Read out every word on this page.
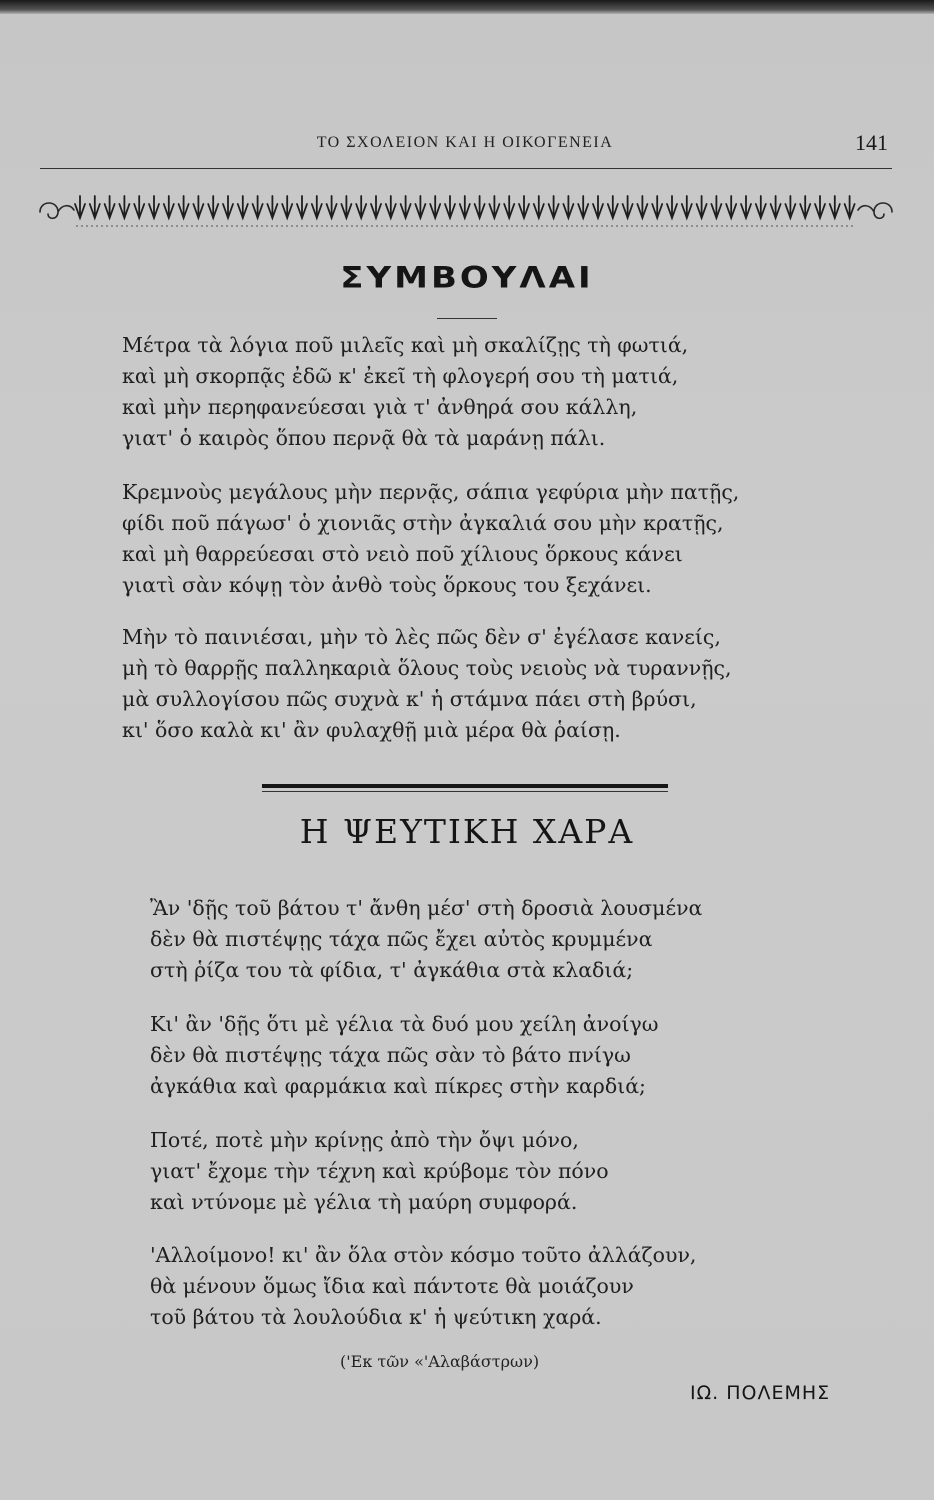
ΤΟ ΣΧΟΛΕΙΟΝ ΚΑΙ Η ΟΙΚΟΓΕΝΕΙΑ	141
ΣΥΜΒΟΥΛΑΙ
Μέτρα τὰ λόγια ποῦ μιλεῖς καὶ μὴ σκαλίζῃς τὴ φωτιά,
καὶ μὴ σκορπᾷς ἐδῶ κ' ἐκεῖ τὴ φλογερή σου τὴ ματιά,
καὶ μὴν περηφανεύεσαι γιὰ τ' ἀνθηρά σου κάλλη,
γιατ' ὁ καιρὸς ὅπου περνᾷ θὰ τὰ μαράνῃ πάλι.
Κρεμνοὺς μεγάλους μὴν περνᾷς, σάπια γεφύρια μὴν πατῇς,
φίδι ποῦ πάγωσ' ὁ χιονιᾶς στὴν ἀγκαλιά σου μὴν κρατῇς,
καὶ μὴ θαρρεύεσαι στὸ νειὸ ποῦ χίλιους ὅρκους κάνει
γιατὶ σὰν κόψῃ τὸν ἀνθὸ τοὺς ὅρκους του ξεχάνει.
Μὴν τὸ παινιέσαι, μὴν τὸ λὲς πῶς δὲν σ' ἐγέλασε κανείς,
μὴ τὸ θαρρῇς παλληκαριὰ ὅλους τοὺς νειοὺς νὰ τυραννῇς,
μὰ συλλογίσου πῶς συχνὰ κ' ἡ στάμνα πάει στὴ βρύσι,
κι' ὅσο καλὰ κι' ἂν φυλαχθῇ μιὰ μέρα θὰ ῥαίσῃ.
Η ΨΕΥΤΙΚΗ ΧΑΡΑ
Ἂν 'δῇς τοῦ βάτου τ' ἄνθη μέσ' στὴ δροσιὰ λουσμένα
δὲν θὰ πιστέψῃς τάχα πῶς ἔχει αὐτὸς κρυμμένα
στὴ ῥίζα του τὰ φίδια, τ' ἀγκάθια στὰ κλαδιά;
Κι' ἂν 'δῇς ὅτι μὲ γέλια τὰ δυό μου χείλη ἀνοίγω
δὲν θὰ πιστέψῃς τάχα πῶς σὰν τὸ βάτο πνίγω
ἀγκάθια καὶ φαρμάκια καὶ πίκρες στὴν καρδιά;
Ποτέ, ποτὲ μὴν κρίνῃς ἀπὸ τὴν ὄψι μόνο,
γιατ' ἔχομε τὴν τέχνη καὶ κρύβομε τὸν πόνο
καὶ ντύνομε μὲ γέλια τὴ μαύρη συμφορά.
'Αλλοίμονο! κι' ἂν ὅλα στὸν κόσμο τοῦτο ἀλλάζουν,
θὰ μένουν ὅμως ἴδια καὶ πάντοτε θὰ μοιάζουν
τοῦ βάτου τὰ λουλούδια κ' ἡ ψεύτικη χαρά.
('Εκ τῶν «'Αλαβάστρων)
ΙΩ. ΠΟΛΕΜΗΣ
